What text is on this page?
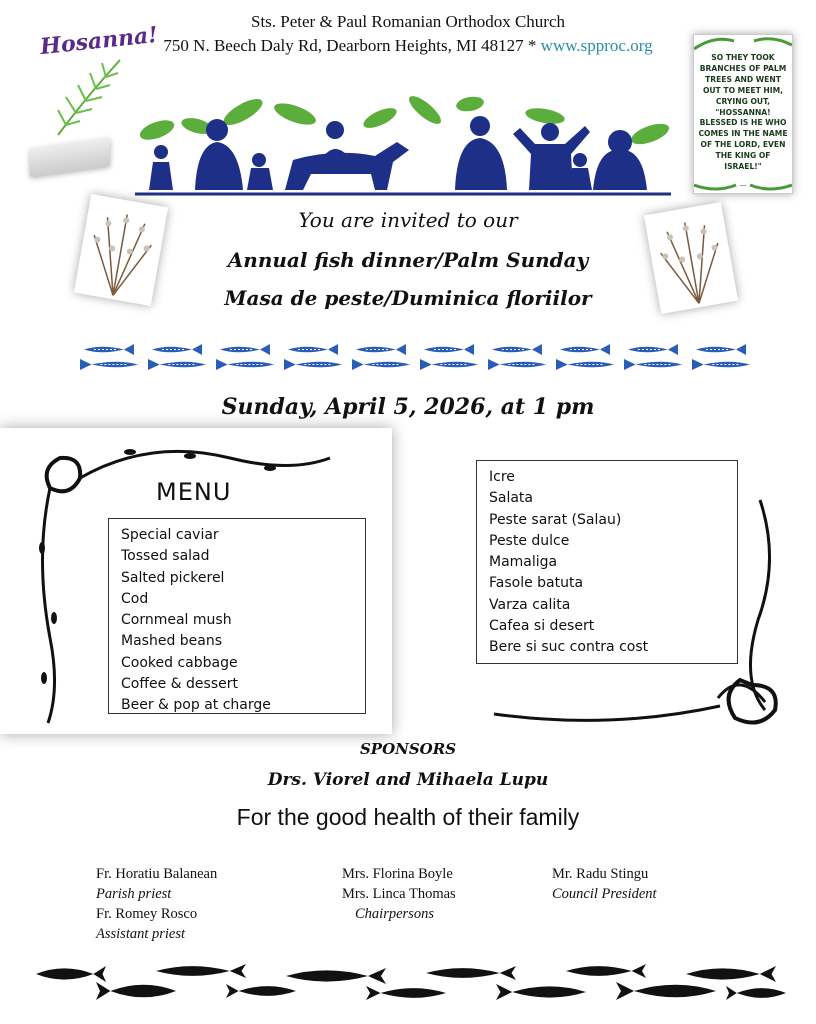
Sts. Peter & Paul Romanian Orthodox Church
750 N. Beech Daly Rd, Dearborn Heights, MI 48127 * www.spproc.org
Hosanna!	SO THEY TOOK BRANCHES OF PALM TREES AND WENT OUT TO MEET HIM, CRYING OUT, "HOSSANNA! BLESSED IS HE WHO COMES IN THE NAME OF THE LORD, EVEN THE KING OF ISRAEL!"
...
You are invited to our
Annual fish dinner/Palm Sunday
Masa de peste/Duminica floriilor
Sunday, April 5, 2026, at 1 pm
MENU
Special caviar
Tossed salad
Salted pickerel
Cod
Cornmeal mush
Mashed beans
Cooked cabbage
Coffee & dessert
Beer & pop at charge
Icre
Salata
Peste sarat (Salau)
Peste dulce
Mamaliga
Fasole batuta
Varza calita
Cafea si desert
Bere si suc contra cost
SPONSORS
Drs. Viorel and Mihaela Lupu
For the good health of their family
Fr. Horatiu Balanean
Parish priest
Fr. Romey Rosco
Assistant priest
Mrs. Florina Boyle
Mrs. Linca Thomas
Chairpersons
Mr. Radu Stingu
Council President
